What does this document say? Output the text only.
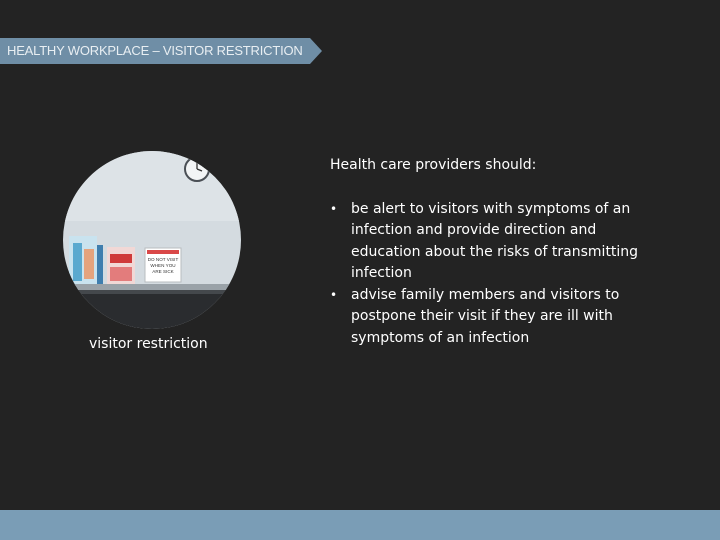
HEALTHY WORKPLACE – VISITOR RESTRICTION
DO NOT VISIT
WHEN YOU
ARE SICK
visitor restriction
Health care providers should:
• be alert to visitors with symptoms of an infection and provide direction and education about the risks of transmitting infection
• advise family members and visitors to postpone their visit if they are ill with symptoms of an infection
